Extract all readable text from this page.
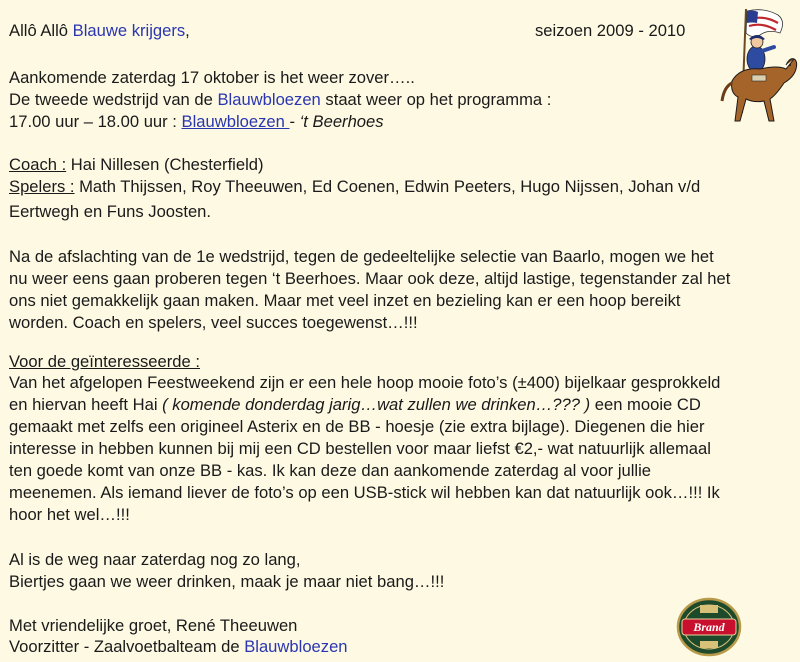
Allô Allô Blauwe krijgers,	seizoen 2009 - 2010
Aankomende zaterdag 17 oktober is het weer zover…..
De tweede wedstrijd van de Blauwbloezen staat weer op het programma :
17.00 uur – 18.00 uur : Blauwbloezen - ‘t Beerhoes
Coach : Hai Nillesen (Chesterfield)
Spelers : Math Thijssen, Roy Theeuwen, Ed Coenen, Edwin Peeters, Hugo Nijssen, Johan v/d
Eertwegh en Funs Joosten.
Na de afslachting van de 1e wedstrijd, tegen de gedeeltelijke selectie van Baarlo, mogen we het
nu weer eens gaan proberen tegen ‘t Beerhoes. Maar ook deze, altijd lastige, tegenstander zal het
ons niet gemakkelijk gaan maken. Maar met veel inzet en bezieling kan er een hoop bereikt
worden. Coach en spelers, veel succes toegewenst…!!!
Voor de geïnteresseerde :
Van het afgelopen Feestweekend zijn er een hele hoop mooie foto’s (±400) bijelkaar gesprokkeld
en hiervan heeft Hai ( komende donderdag jarig…wat zullen we drinken…??? ) een mooie CD
gemaakt met zelfs een origineel Asterix en de BB - hoesje (zie extra bijlage). Diegenen die hier
interesse in hebben kunnen bij mij een CD bestellen voor maar liefst €2,- wat natuurlijk allemaal
ten goede komt van onze BB - kas. Ik kan deze dan aankomende zaterdag al voor jullie
meenemen. Als iemand liever de foto’s op een USB-stick wil hebben kan dat natuurlijk ook…!!! Ik
hoor het wel…!!!
Al is de weg naar zaterdag nog zo lang,
Biertjes gaan we weer drinken, maak je maar niet bang…!!!
Met vriendelijke groet, René Theeuwen
Voorzitter - Zaalvoetbalteam de Blauwbloezen
Brand
